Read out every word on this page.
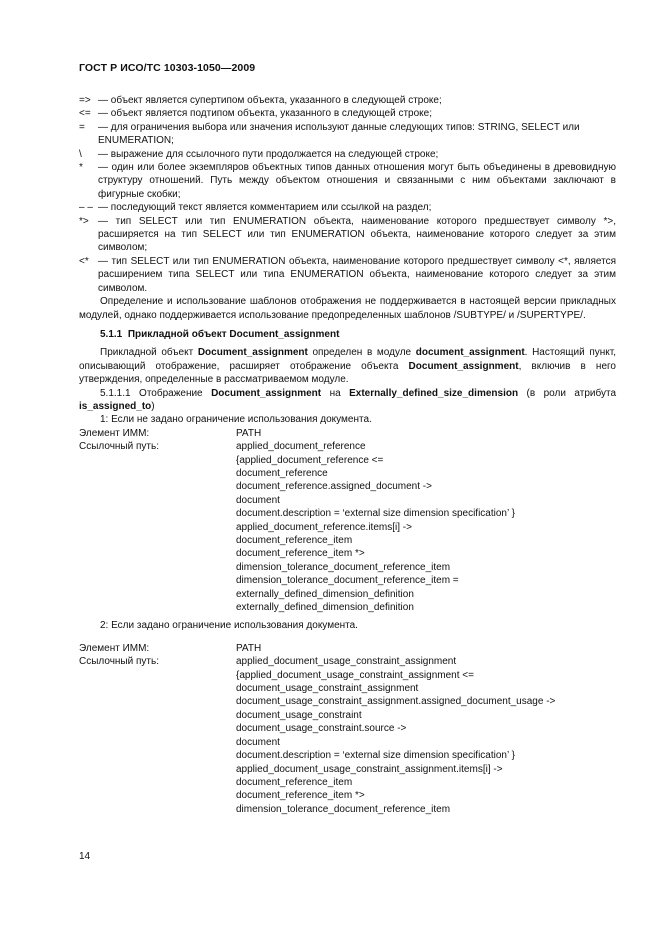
ГОСТ Р ИСО/ТС 10303-1050—2009
=> — объект является супертипом объекта, указанного в следующей строке;
<= — объект является подтипом объекта, указанного в следующей строке;
=	— для ограничения выбора или значения используют данные следующих типов: STRING, SELECT или ENUMERATION;
\	— выражение для ссылочного пути продолжается на следующей строке;
*	— один или более экземпляров объектных типов данных отношения могут быть объединены в древовидную структуру отношений. Путь между объектом отношения и связанными с ним объектами заключают в фигурные скобки;
– – — последующий текст является комментарием или ссылкой на раздел;
*> — тип SELECT или тип ENUMERATION объекта, наименование которого предшествует символу *>, расширяется на тип SELECT или тип ENUMERATION объекта, наименование которого следует за этим символом;
<* — тип SELECT или тип ENUMERATION объекта, наименование которого предшествует символу <*, является расширением типа SELECT или типа ENUMERATION объекта, наименование которого следует за этим символом.

Определение и использование шаблонов отображения не поддерживается в настоящей версии прикладных модулей, однако поддерживается использование предопределенных шаблонов /SUBTYPE/ и /SUPERTYPE/.

5.1.1 Прикладной объект Document_assignment

Прикладной объект Document_assignment определен в модуле document_assignment. Настоящий пункт, описывающий отображение, расширяет отображение объекта Document_assignment, включив в него утверждения, определенные в рассматриваемом модуле.

5.1.1.1 Отображение Document_assignment на Externally_defined_size_dimension (в роли атрибута is_assigned_to)

1: Если не задано ограничение использования документа.

Элемент ИММ:	PATH
Ссылочный путь:	applied_document_reference
{applied_document_reference <=
document_reference
document_reference.assigned_document ->
document
document.description = ‘external size dimension specification’ }
applied_document_reference.items[i] ->
document_reference_item
document_reference_item *>
dimension_tolerance_document_reference_item
dimension_tolerance_document_reference_item =
externally_defined_dimension_definition
externally_defined_dimension_definition

2: Если задано ограничение использования документа.

Элемент ИММ:	PATH
Ссылочный путь:	applied_document_usage_constraint_assignment
{applied_document_usage_constraint_assignment <=
document_usage_constraint_assignment
document_usage_constraint_assignment.assigned_document_usage ->
document_usage_constraint
document_usage_constraint.source ->
document
document.description = ‘external size dimension specification’ }
applied_document_usage_constraint_assignment.items[i] ->
document_reference_item
document_reference_item *>
dimension_tolerance_document_reference_item
14
